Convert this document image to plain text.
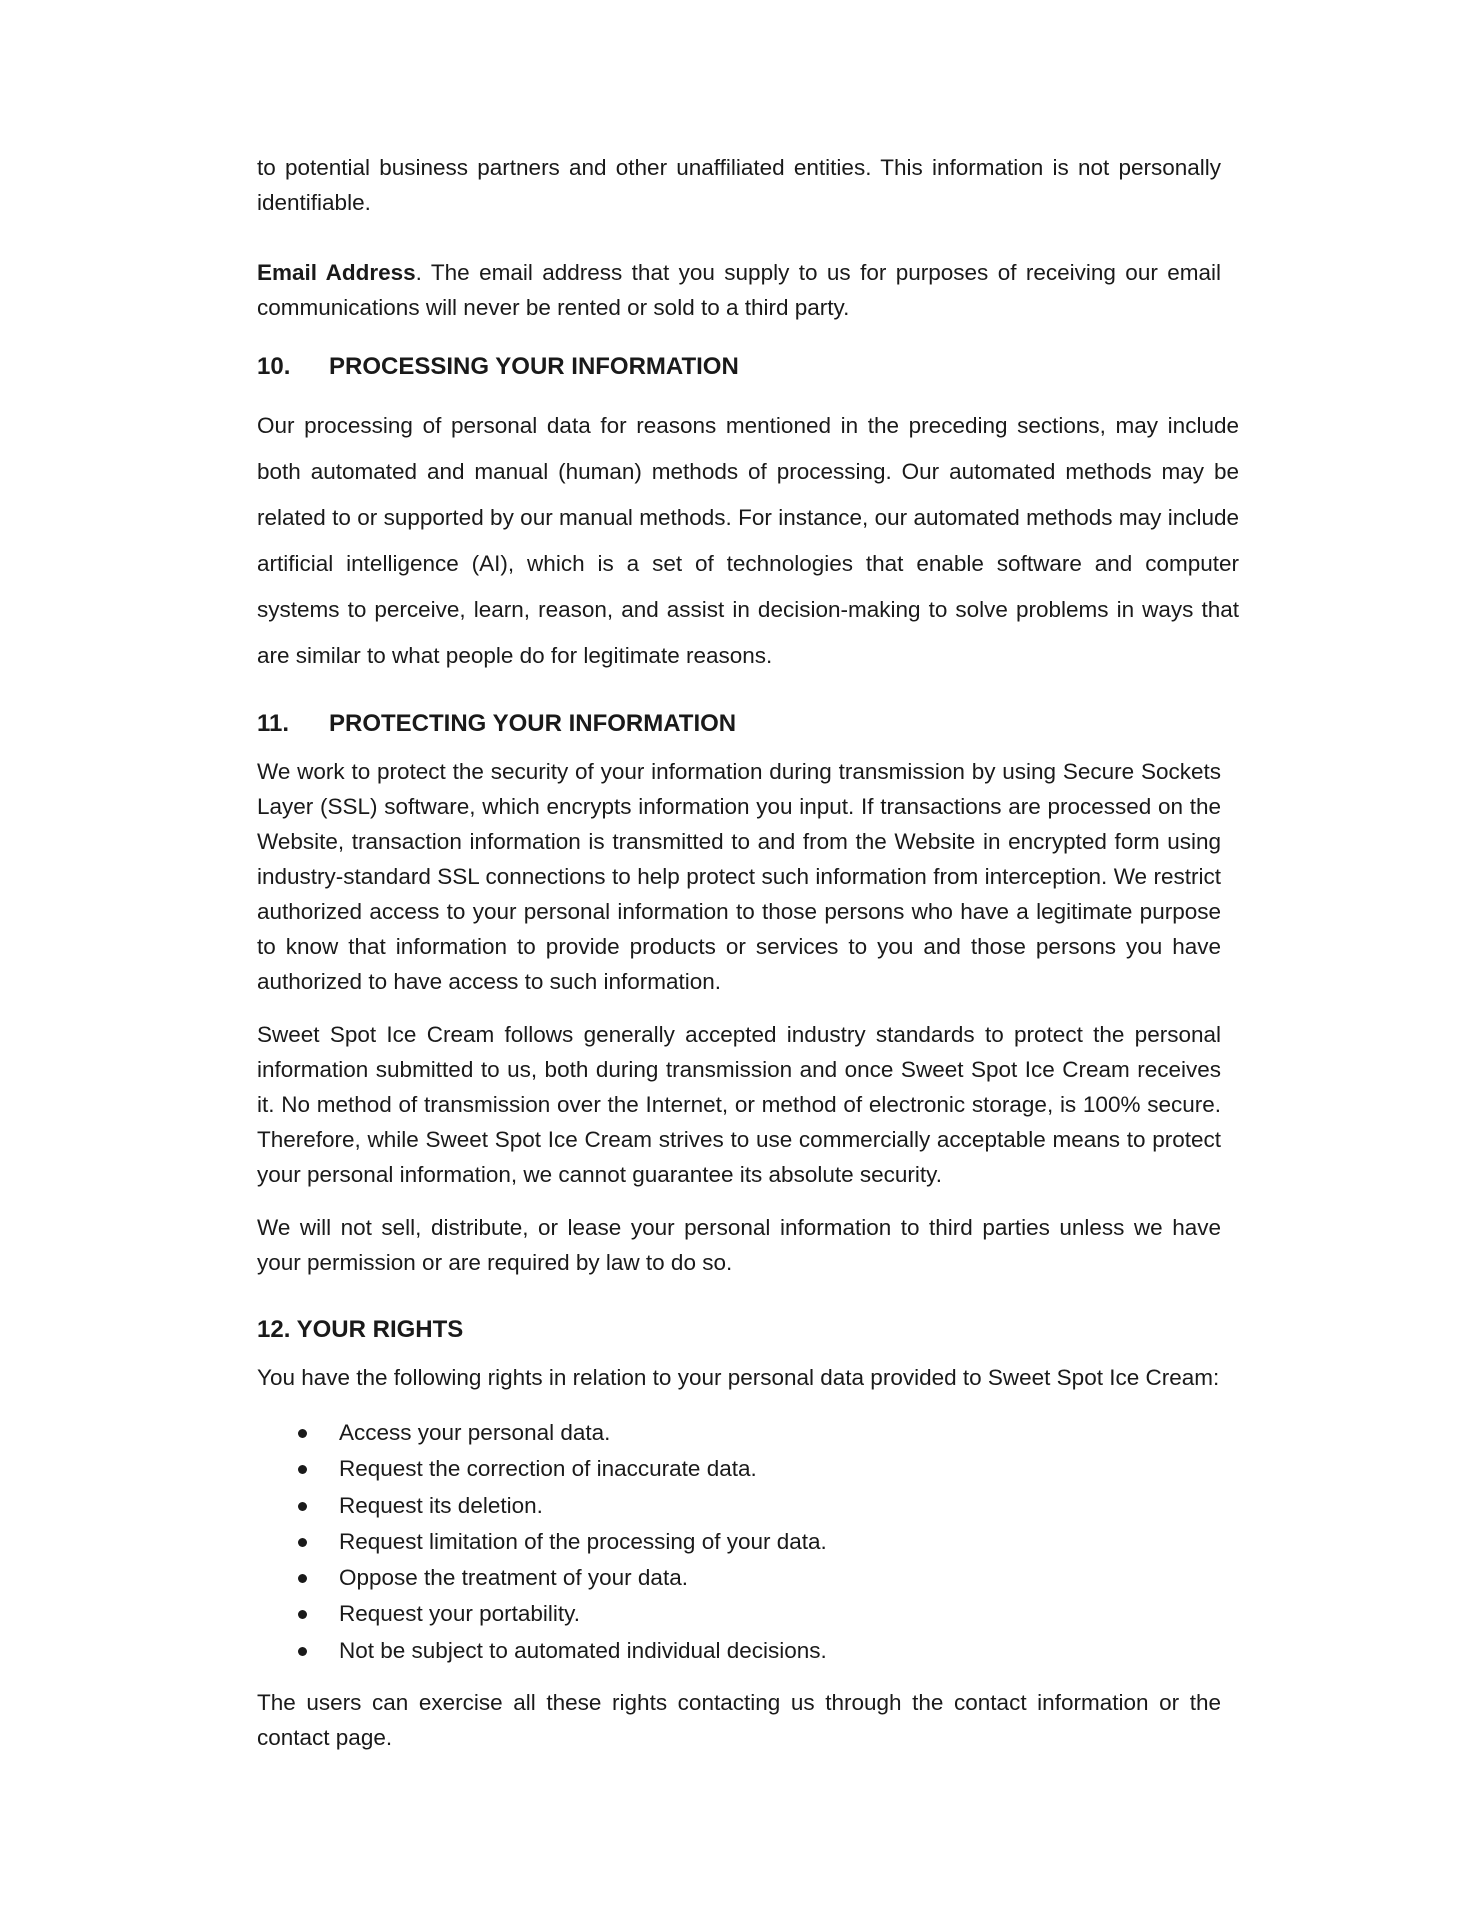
to potential business partners and other unaffiliated entities. This information is not personally identifiable.

Email Address. The email address that you supply to us for purposes of receiving our email communications will never be rented or sold to a third party.

10.	PROCESSING YOUR INFORMATION

Our processing of personal data for reasons mentioned in the preceding sections, may include both automated and manual (human) methods of processing. Our automated methods may be related to or supported by our manual methods. For instance, our automated methods may include artificial intelligence (AI), which is a set of technologies that enable software and computer systems to perceive, learn, reason, and assist in decision-making to solve problems in ways that are similar to what people do for legitimate reasons.

11.	PROTECTING YOUR INFORMATION

We work to protect the security of your information during transmission by using Secure Sockets Layer (SSL) software, which encrypts information you input. If transactions are processed on the Website, transaction information is transmitted to and from the Website in encrypted form using industry-standard SSL connections to help protect such information from interception. We restrict authorized access to your personal information to those persons who have a legitimate purpose to know that information to provide products or services to you and those persons you have authorized to have access to such information.

Sweet Spot Ice Cream follows generally accepted industry standards to protect the personal information submitted to us, both during transmission and once Sweet Spot Ice Cream receives it. No method of transmission over the Internet, or method of electronic storage, is 100% secure. Therefore, while Sweet Spot Ice Cream strives to use commercially acceptable means to protect your personal information, we cannot guarantee its absolute security.

We will not sell, distribute, or lease your personal information to third parties unless we have your permission or are required by law to do so.

12. YOUR RIGHTS

You have the following rights in relation to your personal data provided to Sweet Spot Ice Cream:

Access your personal data.
Request the correction of inaccurate data.
Request its deletion.
Request limitation of the processing of your data.
Oppose the treatment of your data.
Request your portability.
Not be subject to automated individual decisions.

The users can exercise all these rights contacting us through the contact information or the contact page.
